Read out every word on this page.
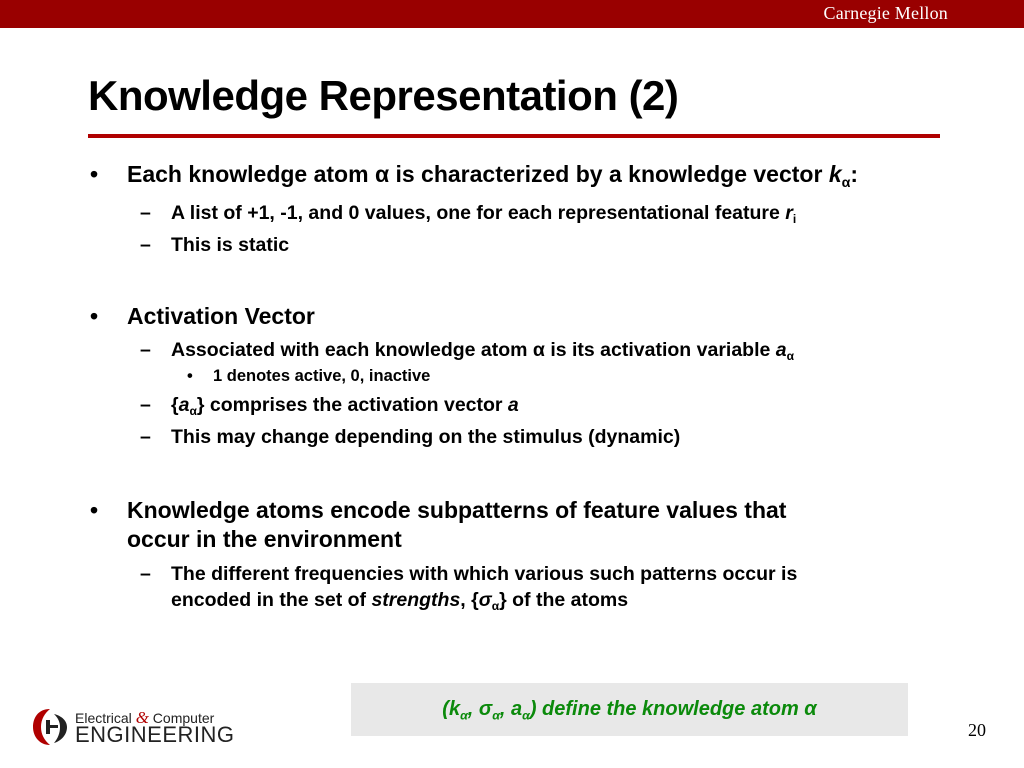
Carnegie Mellon
Knowledge Representation (2)
• Each knowledge atom α is characterized by a knowledge vector $k_\alpha$:
– A list of +1, -1, and 0 values, one for each representational feature $r_i$
– This is static
• Activation Vector
– Associated with each knowledge atom α is its activation variable $a_\alpha$
• 1 denotes active, 0, inactive
– $\{a_\alpha\}$ comprises the activation vector a
– This may change depending on the stimulus (dynamic)
• Knowledge atoms encode subpatterns of feature values that
occur in the environment
– The different frequencies with which various such patterns occur is
encoded in the set of strengths, $\{\sigma_\alpha\}$ of the atoms
($k_\alpha$, $\sigma_\alpha$, $a_\alpha$) define the knowledge atom α
Electrical & Computer
ENGINEERING	20
